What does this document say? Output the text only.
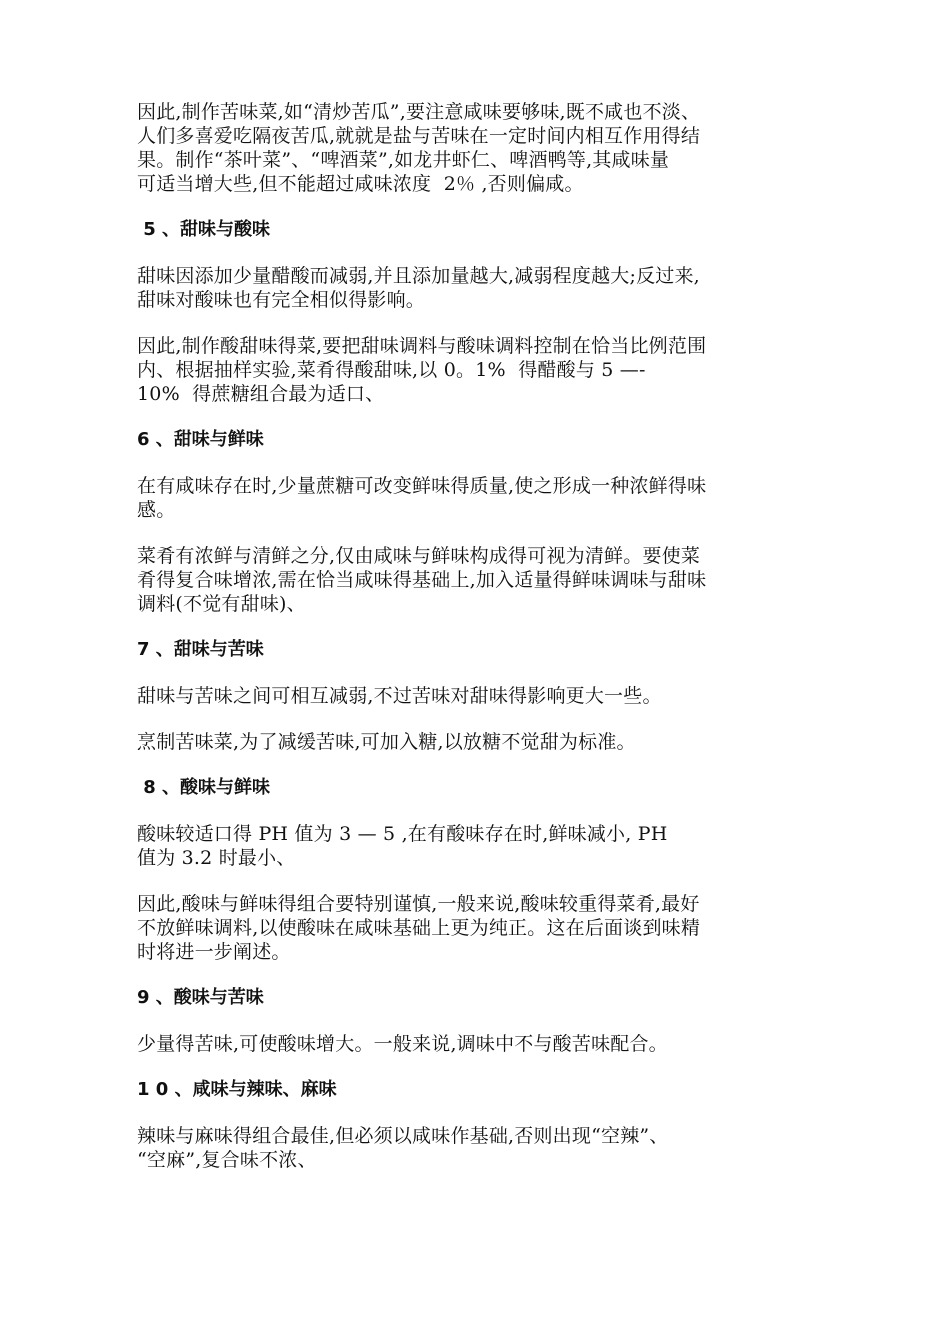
因此,制作苦味菜,如“清炒苦瓜”,要注意咸味要够味,既不咸也不淡、
人们多喜爱吃隔夜苦瓜,就就是盐与苦味在一定时间内相互作用得结
果。制作“茶叶菜”、“啤酒菜”,如龙井虾仁、啤酒鸭等,其咸味量
可适当增大些,但不能超过咸味浓度  2％ ,否则偏咸。
5 、甜味与酸味
甜味因添加少量醋酸而减弱,并且添加量越大,减弱程度越大;反过来,
甜味对酸味也有完全相似得影响。
因此,制作酸甜味得菜,要把甜味调料与酸味调料控制在恰当比例范围
内、根据抽样实验,菜肴得酸甜味,以 0。1%  得醋酸与 5 —-
10%  得蔗糖组合最为适口、
6 、甜味与鲜味
在有咸味存在时,少量蔗糖可改变鲜味得质量,使之形成一种浓鲜得味
感。
菜肴有浓鲜与清鲜之分,仅由咸味与鲜味构成得可视为清鲜。要使菜
肴得复合味增浓,需在恰当咸味得基础上,加入适量得鲜味调味与甜味
调料(不觉有甜味)、
7 、甜味与苦味
甜味与苦味之间可相互减弱,不过苦味对甜味得影响更大一些。
烹制苦味菜,为了减缓苦味,可加入糖,以放糖不觉甜为标准。
8 、酸味与鲜味
酸味较适口得 PH 值为 3 — 5 ,在有酸味存在时,鲜味减小, PH
值为 3.2 时最小、
因此,酸味与鲜味得组合要特别谨慎,一般来说,酸味较重得菜肴,最好
不放鲜味调料,以使酸味在咸味基础上更为纯正。这在后面谈到味精
时将进一步阐述。
9 、酸味与苦味
少量得苦味,可使酸味增大。一般来说,调味中不与酸苦味配合。
1 0 、咸味与辣味、麻味
辣味与麻味得组合最佳,但必须以咸味作基础,否则出现“空辣”、
“空麻”,复合味不浓、
